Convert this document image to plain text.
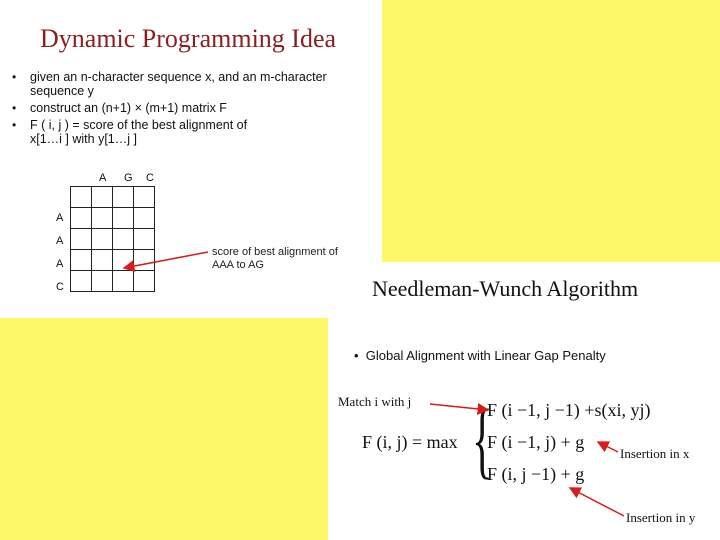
Dynamic Programming Idea
• given an n-character sequence x, and an m-character
sequence y
• construct an (n+1) × (m+1) matrix F
• F ( i, j ) = score of the best alignment of
x[1…i ] with y[1…j ]
A G C
A
A
A
C

score of best alignment of
AAA to AG
Needleman-Wunch Algorithm
•  Global Alignment with Linear Gap Penalty
Match i with j
Insertion in x
Insertion in y
F (i, j) = max {
F (i −1, j −1) +s(xi, yj)
F (i −1, j) + g
F (i, j −1) + g
